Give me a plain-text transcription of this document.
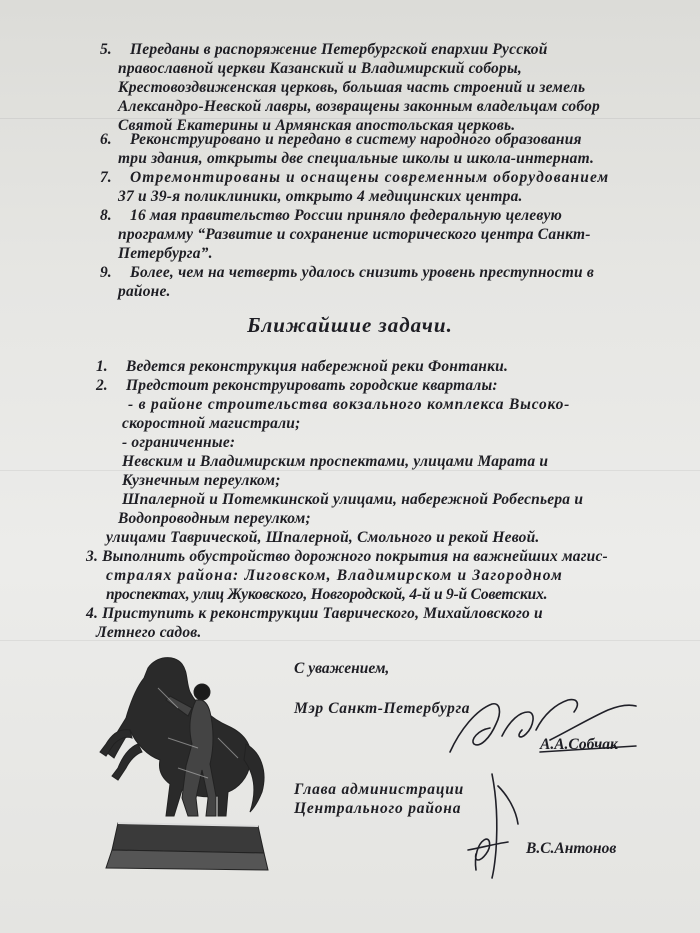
5. Переданы в распоряжение Петербургской епархии Русской
православной церкви Казанский и Владимирский соборы,
Крестовоздвиженская церковь, большая часть строений и земель
Александро-Невской лавры, возвращены законным владельцам собор
Святой Екатерины и Армянская апостольская церковь.
6. Реконструировано и передано в систему народного образования
три здания, открыты две специальные школы и школа-интернат.
7. Отремонтированы и оснащены современным оборудованием
37 и 39-я поликлиники, открыто 4 медицинских центра.
8. 16 мая правительство России приняло федеральную целевую
программу “Развитие и сохранение исторического центра Санкт-
Петербурга”.
9. Более, чем на четверть удалось снизить уровень преступности в
районе.
Ближайшие задачи.
1. Ведется реконструкция набережной реки Фонтанки.
2. Предстоит реконструировать городские кварталы:
- в районе строительства вокзального комплекса Высоко-
скоростной магистрали;
- ограниченные:
Невским и Владимирским проспектами, улицами Марата и
Кузнечным переулком;
Шпалерной и Потемкинской улицами, набережной Робеспьера и
Водопроводным переулком;
улицами Таврической, Шпалерной, Смольного и рекой Невой.
3. Выполнить обустройство дорожного покрытия на важнейших магис-
стралях района: Лиговском, Владимирском и Загородном
проспектах, улиц Жуковского, Новгородской, 4-й и 9-й Советских.
4. Приступить к реконструкции Таврического, Михайловского и
Летнего садов.
С уважением,
Мэр Санкт-Петербурга
А.А.Собчак
Глава администрации
Центрального района
В.С.Антонов
